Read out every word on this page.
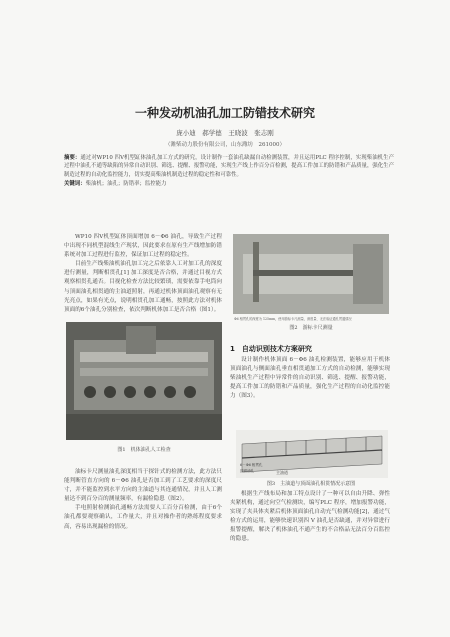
一种发动机油孔加工防错技术研究
庞小迪　郝学德　王晓波　张志刚
（潍柴动力股份有限公司，山东潍坊　261000）
摘要：通过对WP10 四V机型缸体油孔加工方式的研究，设计制作一套油孔缺漏自动检测装置，并且运用PLC 程序控制，实现柴油机生产过程中油孔不通等缺陷的异常自动识别、筛选、提醒、报警功能，实现生产线上作百分百检测，提高工件加工的防错和产品质量，强化生产制造过程的自动化监控能力，切实提高柴油机制造过程的稳定性和可靠性。
关键词：柴油机；油孔；防错率；监控能力

WP10 四V机型缸体顶面增加 6－Φ6 油孔，导致生产过程中出现不同机型混线生产现状，因此要求在原有生产线增加防错系统对加工过程进行监控，保证加工过程的稳定性。

目前生产线柴油机油孔加工完之后依靠人工对加工孔的深度进行测量，判断相贯孔[1] 加工深度是否合格，并通过目视方式观察相贯孔通否。目视化检查方法比较繁琐，需要依靠手电筒向与顶面油孔相贯通的主油道照射，再通过机体顶面油孔观察有无光亮点，如果有光点，说明相贯孔加工通畅，按照此方法对机体顶面的6个油孔分别检查，依次判断机体加工是否合格（图1）。

图1　机体油孔人工检查

油标卡尺测量油孔深度相当于探针式的检测方法，此方法只能判断管直方向的 6－Φ6 油孔是否加工到了工艺要求的深度尺寸，并不能监控到水平方向的主油道与其连通情况，并且人工测量达不到百分百的测量频率，有漏检隐患（图2）。

手电照射检测油孔通畅方法需要人工百分百检测，由于6个油孔都要观察确认，工作量大，并且对操作者的熟练程度要求高，容易出现漏检的情况。

Φ6 相贯孔的深度为 125mm，使用游标卡尺测量，深度量、无法验证通孔贯通情况
图2　游标卡尺测量
1　自动识别技术方案研究

设计制作机体顶面 6－Φ6 油孔检测装置，能够应用于机体顶面油孔与侧面油孔垂直相贯通加工方式的自动检测，能够实现柴油机生产过程中异常件的自动识别、筛选、提醒、报警功能，提高工件加工的防错和产品质量，强化生产过程的自动化监控能力（图3）。

6－Φ6 相贯孔
顶面油孔	主油道
图3　主油道与顶面油孔相贯情况示意图

根据生产线布局和加工特点设计了一种可以自由升降、弹性夹紧机构，通过向空气检测块，编写PLC 程序，增加报警功能，实现了夹具体夹紧后机体顶面油孔自动充气检测功能[2]，通过气检方式的运用，能够快速识别四 V 油孔是否缺通，并对异常进行报警提醒，解决了机体油孔不通产生的不合格品无法百分百监控的隐患。
